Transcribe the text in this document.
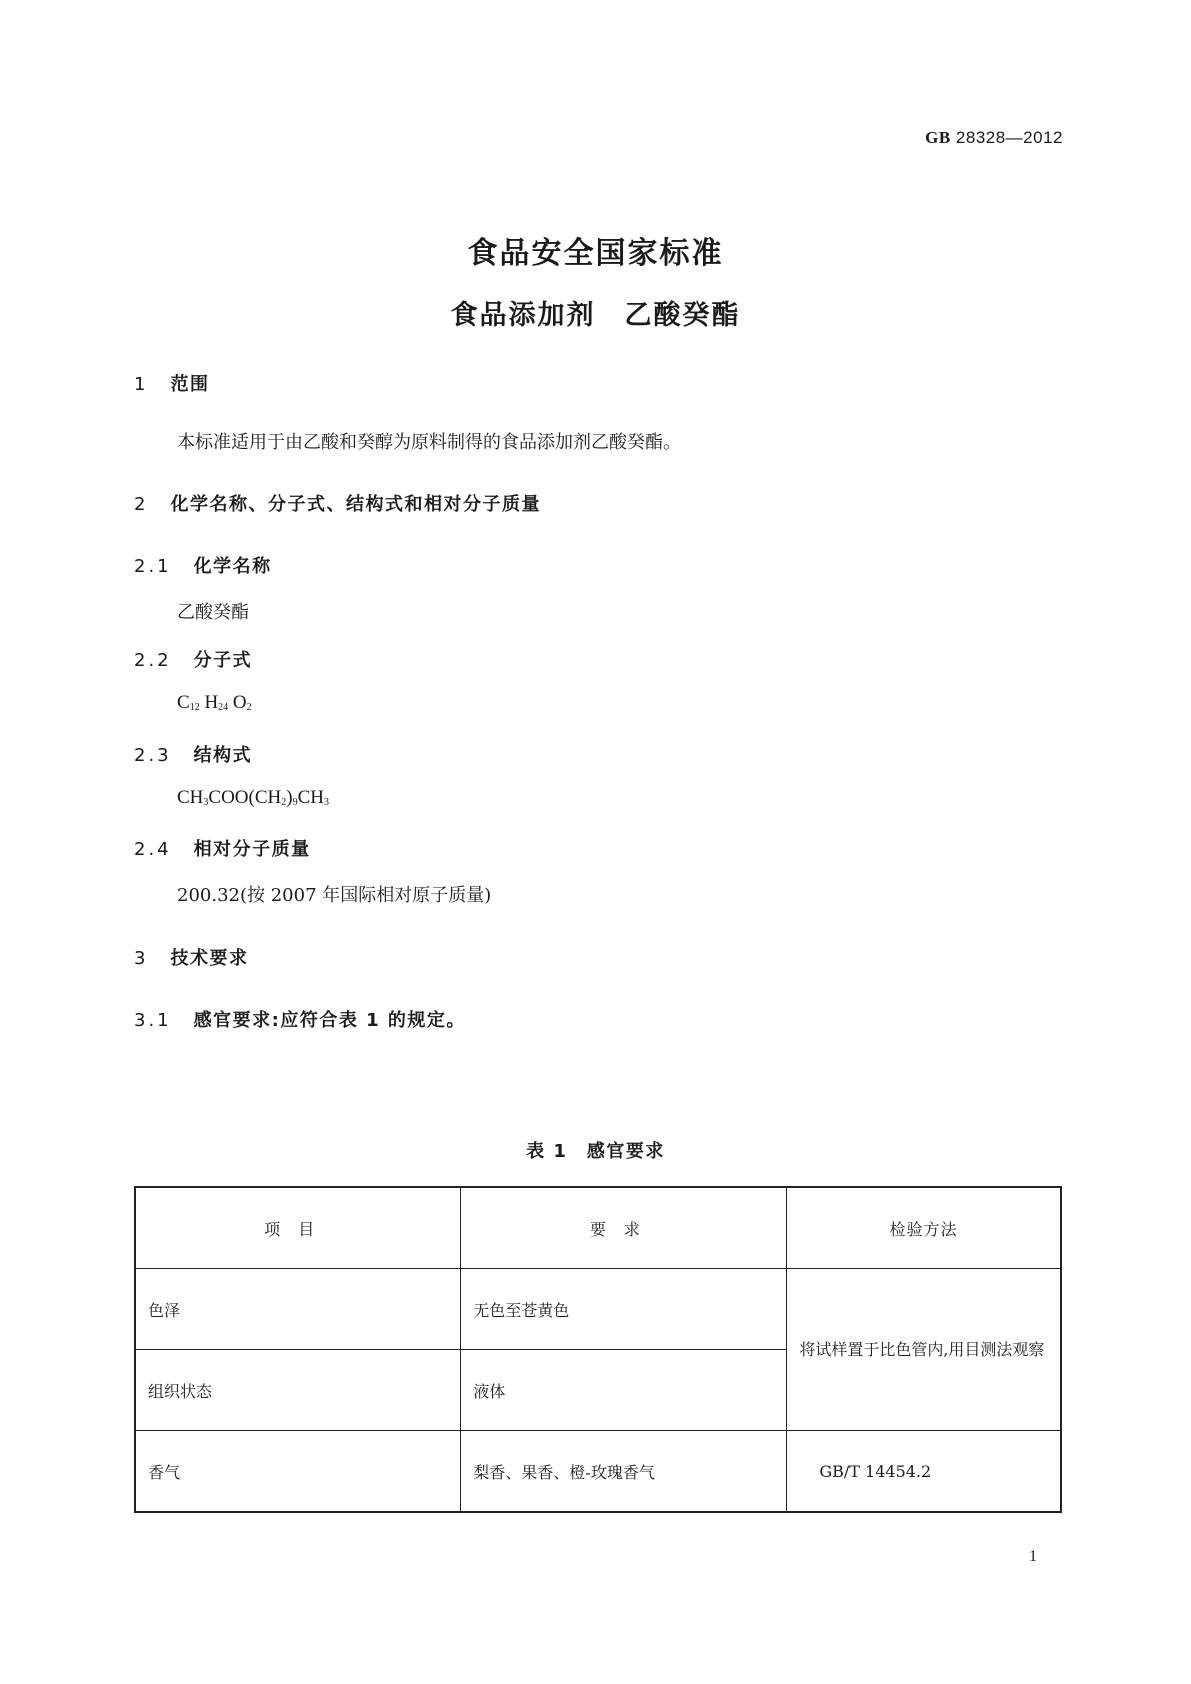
GB 28328—2012
食品安全国家标准
食品添加剂　乙酸癸酯
1 范围
本标准适用于由乙酸和癸醇为原料制得的食品添加剂乙酸癸酯。
2 化学名称、分子式、结构式和相对分子质量
2.1 化学名称
乙酸癸酯
2.2 分子式
$C_{12}$ $H_{24}$ $O_2$
2.3 结构式
$CH_3COO(CH_2)_9CH_3$
2.4 相对分子质量
200.32(按 2007 年国际相对原子质量)
3 技术要求
3.1 感官要求:应符合表 1 的规定。
表 1　感官要求
项目	要求	检验方法
色泽	无色至苍黄色	将试样置于比色管内,用目测法观察
组织状态	液体	
香气	梨香、果香、橙-玫瑰香气	GB/T 14454.2
1
